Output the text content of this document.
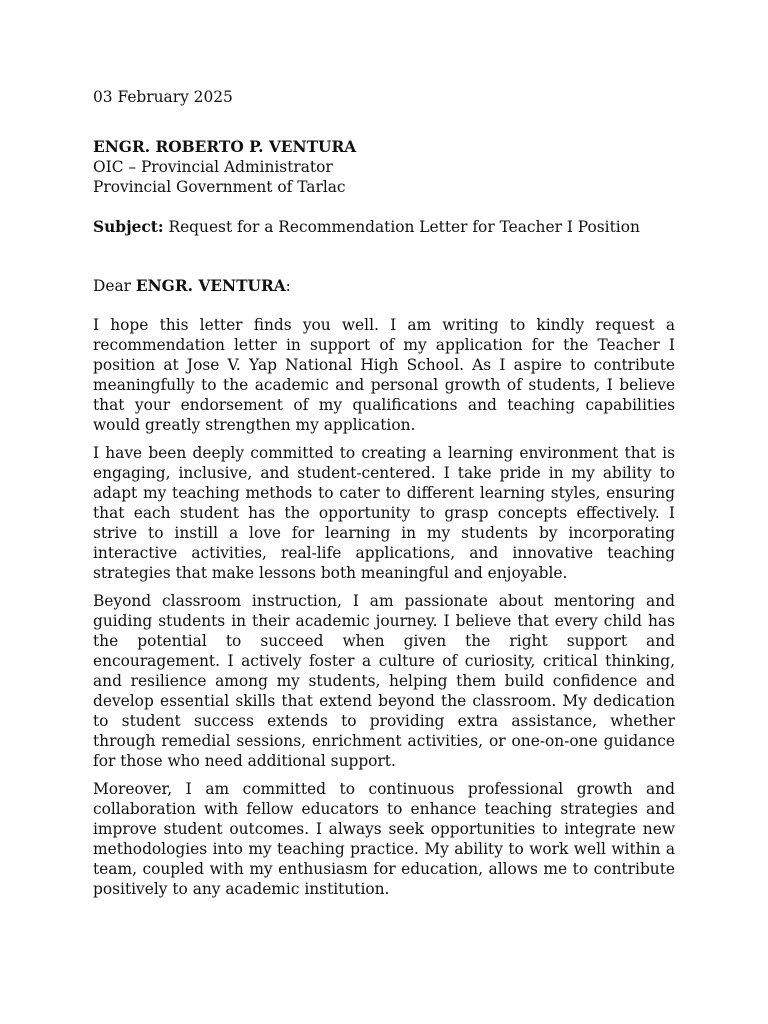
03 February 2025
ENGR. ROBERTO P. VENTURA
OIC – Provincial Administrator
Provincial Government of Tarlac
Subject: Request for a Recommendation Letter for Teacher I Position
Dear ENGR. VENTURA:

I hope this letter finds you well. I am writing to kindly request a recommendation letter in support of my application for the Teacher I position at Jose V. Yap National High School. As I aspire to contribute meaningfully to the academic and personal growth of students, I believe that your endorsement of my qualifications and teaching capabilities would greatly strengthen my application.

I have been deeply committed to creating a learning environment that is engaging, inclusive, and student-centered. I take pride in my ability to adapt my teaching methods to cater to different learning styles, ensuring that each student has the opportunity to grasp concepts effectively. I strive to instill a love for learning in my students by incorporating interactive activities, real-life applications, and innovative teaching strategies that make lessons both meaningful and enjoyable.

Beyond classroom instruction, I am passionate about mentoring and guiding students in their academic journey. I believe that every child has the potential to succeed when given the right support and encouragement. I actively foster a culture of curiosity, critical thinking, and resilience among my students, helping them build confidence and develop essential skills that extend beyond the classroom. My dedication to student success extends to providing extra assistance, whether through remedial sessions, enrichment activities, or one-on-one guidance for those who need additional support.

Moreover, I am committed to continuous professional growth and collaboration with fellow educators to enhance teaching strategies and improve student outcomes. I always seek opportunities to integrate new methodologies into my teaching practice. My ability to work well within a team, coupled with my enthusiasm for education, allows me to contribute positively to any academic institution.
